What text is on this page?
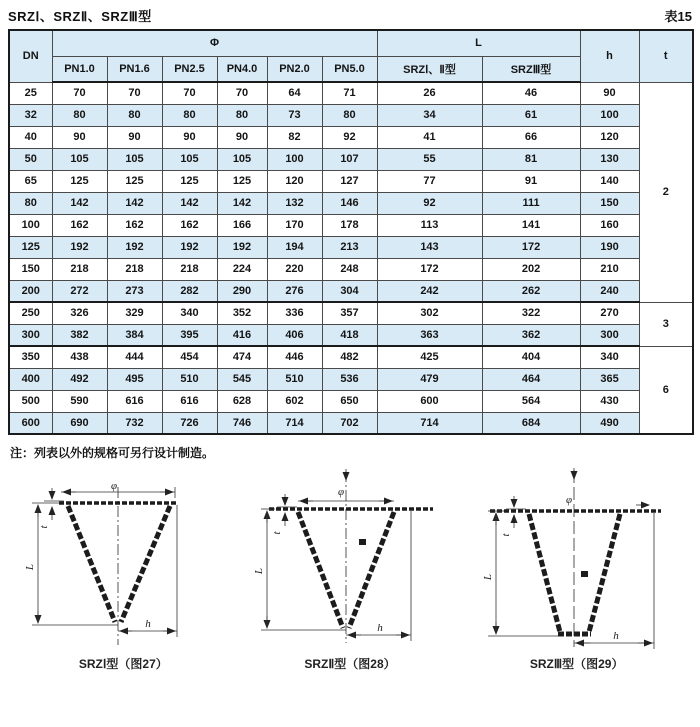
SRZⅠ、SRZⅡ、SRZⅢ型	表15
DN	Φ						L		h	t
	PN1.0	PN1.6	PN2.5	PN4.0	PN2.0	PN5.0	SRZⅠ、Ⅱ型	SRZⅢ型		
25	70	70	70	70	64	71	26	46	90	2
32	80	80	80	80	73	80	34	61	100	
40	90	90	90	90	82	92	41	66	120	
50	105	105	105	105	100	107	55	81	130	
65	125	125	125	125	120	127	77	91	140	
80	142	142	142	142	132	146	92	111	150	
100	162	162	162	166	170	178	113	141	160	
125	192	192	192	192	194	213	143	172	190	
150	218	218	218	224	220	248	172	202	210	
200	272	273	282	290	276	304	242	262	240	
250	326	329	340	352	336	357	302	322	270	3
300	382	384	395	416	406	418	363	362	300	
350	438	444	454	474	446	482	425	404	340	6
400	492	495	510	545	510	536	479	464	365	
500	590	616	616	628	602	650	600	564	430	
600	690	732	726	746	714	702	714	684	490	
注：列表以外的规格可另行设计制造。
φ
t
L
h
SRZⅠ型（图27）
φ
t
L
h
SRZⅡ型（图28）
φ
t
L
h
SRZⅢ型（图29）
